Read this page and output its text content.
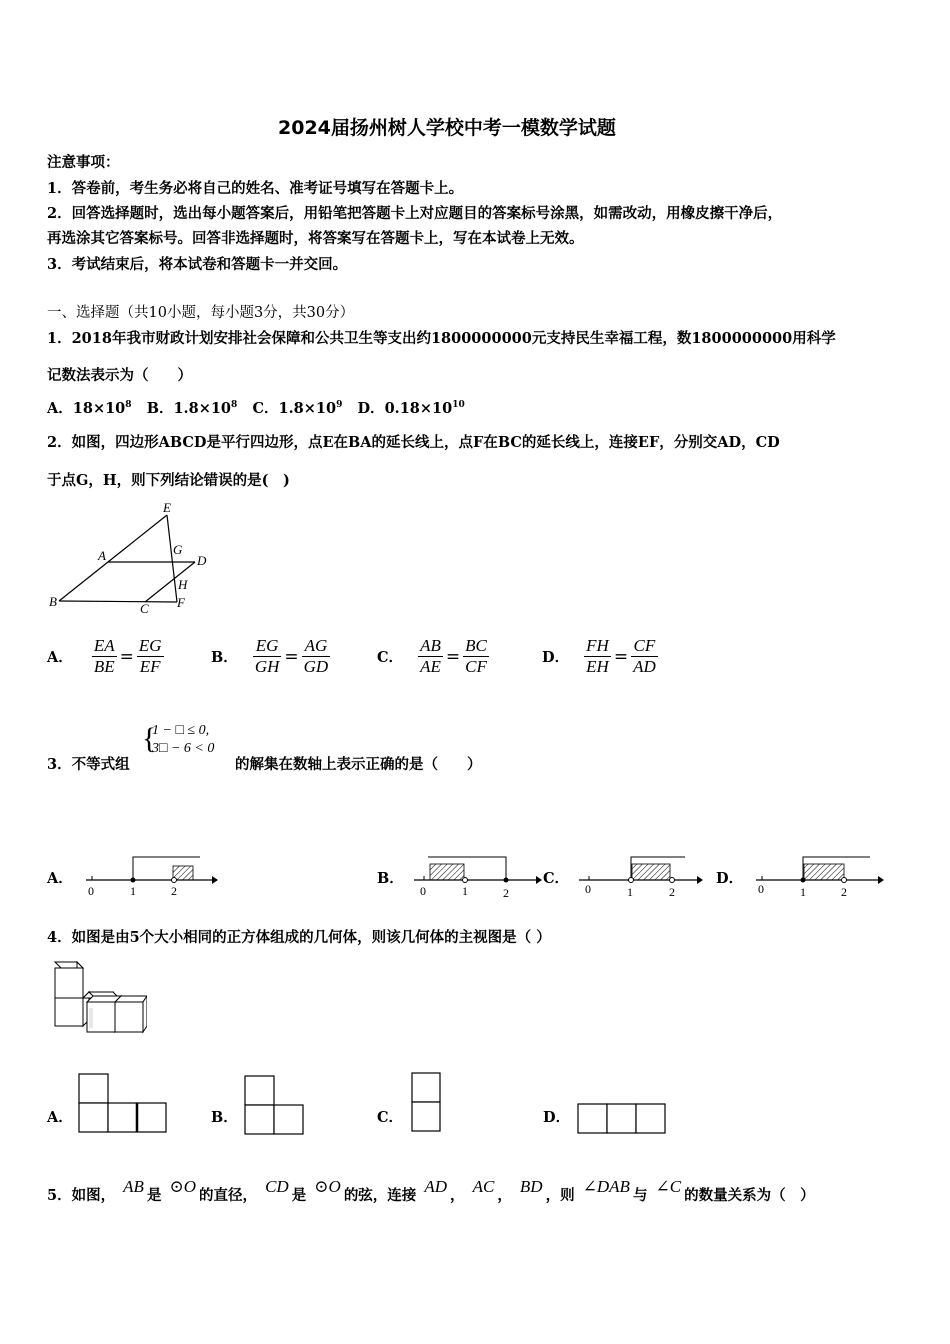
2024届扬州树人学校中考一模数学试题
注意事项：
1．答卷前，考生务必将自己的姓名、准考证号填写在答题卡上。
2．回答选择题时，选出每小题答案后，用铅笔把答题卡上对应题目的答案标号涂黑，如需改动，用橡皮擦干净后，
再选涂其它答案标号。回答非选择题时，将答案写在答题卡上，写在本试卷上无效。
3．考试结束后，将本试卷和答题卡一并交回。
一、选择题（共10小题，每小题3分，共30分）
1．2018年我市财政计划安排社会保障和公共卫生等支出约1800000000元支持民生幸福工程，数1800000000用科学
记数法表示为（　　）
A．$18\times 10^8$ B．$1.8\times 10^8$ C．$1.8\times 10^9$ D．$0.18\times 10^{10}$
2．如图，四边形ABCD是平行四边形，点E在BA的延长线上，点F在BC的延长线上，连接EF，分别交AD，CD
于点G，H，则下列结论错误的是(　)
E
A	G
D
H
B	C F
A． $\frac{EA}{BE} = \frac{EG}{EF}$	B． $\frac{EG}{GH} = \frac{AG}{GD}$	C． $\frac{AB}{AE} = \frac{BC}{CF}$	D． $\frac{FH}{EH} = \frac{CF}{AD}$
3．不等式组
{
1 − □ ≤ 0,
3□ − 6 < 0
的解集在数轴上表示正确的是（　　）
A．
0	1	2
B．
0	1	2
C．
0	1	2
D．
0	1	2
4．如图是由5个大小相同的正方体组成的几何体，则该几何体的主视图是（ ）
A．	B．	C．	D．
5．如图， AB 是 ⊙O 的直径， CD 是 ⊙O 的弦，连接 AD ， AC ， BD ，则 ∠DAB 与 ∠C 的数量关系为（　）
